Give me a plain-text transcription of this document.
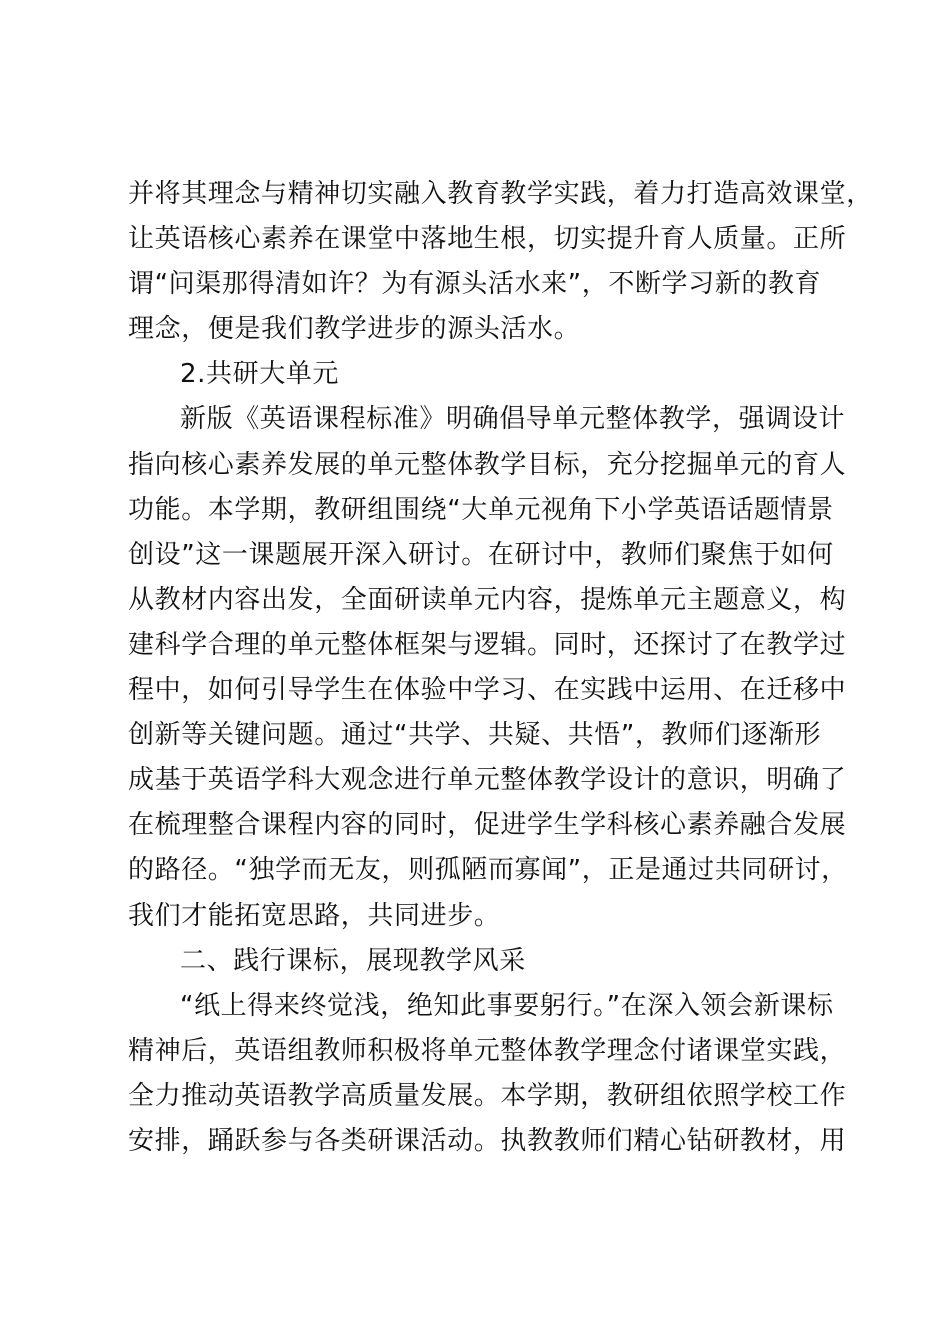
并将其理念与精神切实融入教育教学实践，着力打造高效课堂，
让英语核心素养在课堂中落地生根，切实提升育人质量。正所
谓“问渠那得清如许？为有源头活水来”，不断学习新的教育
理念，便是我们教学进步的源头活水。
2.共研大单元
新版《英语课程标准》明确倡导单元整体教学，强调设计
指向核心素养发展的单元整体教学目标，充分挖掘单元的育人
功能。本学期，教研组围绕“大单元视角下小学英语话题情景
创设”这一课题展开深入研讨。在研讨中，教师们聚焦于如何
从教材内容出发，全面研读单元内容，提炼单元主题意义，构
建科学合理的单元整体框架与逻辑。同时，还探讨了在教学过
程中，如何引导学生在体验中学习、在实践中运用、在迁移中
创新等关键问题。通过“共学、共疑、共悟”，教师们逐渐形
成基于英语学科大观念进行单元整体教学设计的意识，明确了
在梳理整合课程内容的同时，促进学生学科核心素养融合发展
的路径。“独学而无友，则孤陋而寡闻”，正是通过共同研讨，
我们才能拓宽思路，共同进步。
二、践行课标，展现教学风采
“纸上得来终觉浅，绝知此事要躬行。”在深入领会新课标
精神后，英语组教师积极将单元整体教学理念付诸课堂实践，
全力推动英语教学高质量发展。本学期，教研组依照学校工作
安排，踊跃参与各类研课活动。执教教师们精心钻研教材，用
